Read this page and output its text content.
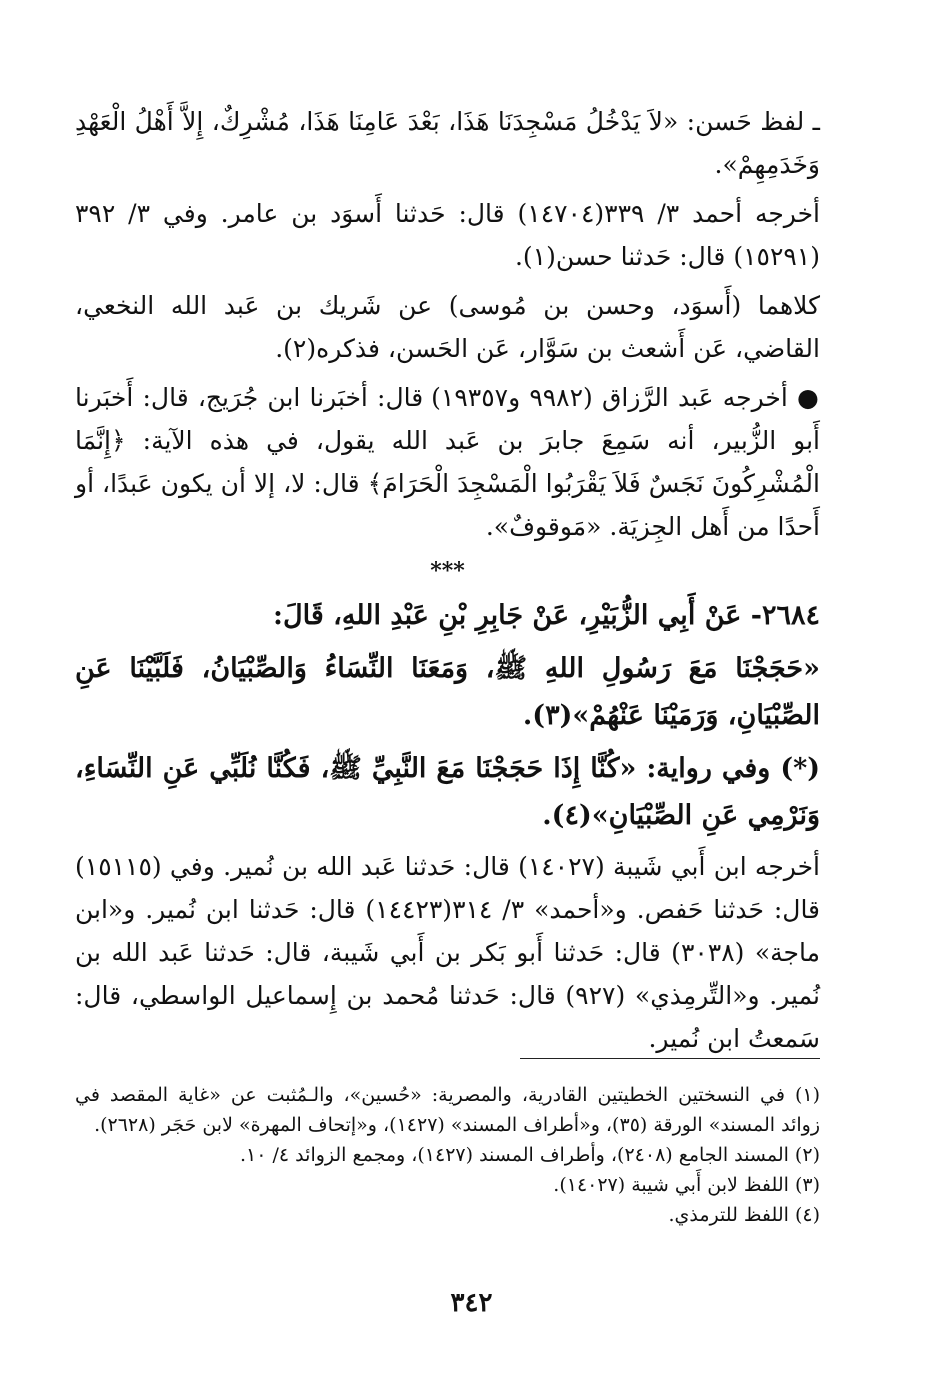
ـ لفظ حَسن: «لاَ يَدْخُلُ مَسْجِدَنَا هَذَا، بَعْدَ عَامِنَا هَذَا، مُشْرِكٌ، إِلاَّ أَهْلُ الْعَهْدِ وَخَدَمِهِمْ».

أخرجه أحمد ٣/ ٣٣٩(١٤٧٠٤) قال: حَدثنا أَسوَد بن عامر. وفي ٣/ ٣٩٢ (١٥٢٩١) قال: حَدثنا حسن(١).

كلاهما (أَسوَد، وحسن بن مُوسى) عن شَريك بن عَبد الله النخعي، القاضي، عَن أَشعث بن سَوَّار، عَن الحَسن، فذكره(٢).

● أخرجه عَبد الرَّزاق (٩٩٨٢ و١٩٣٥٧) قال: أخبَرنا ابن جُرَيج، قال: أَخبَرنا أَبو الزُّبير، أنه سَمِعَ جابرَ بن عَبد الله يقول، في هذه الآية: ﴿إِنَّمَا الْمُشْرِكُونَ نَجَسٌ فَلاَ يَقْرَبُوا الْمَسْجِدَ الْحَرَامَ﴾ قال: لا، إلا أن يكون عَبدًا، أو أَحدًا من أَهل الجِزيَة. «مَوقوفٌ».

***

٢٦٨٤- عَنْ أَبِي الزُّبَيْرِ، عَنْ جَابِرِ بْنِ عَبْدِ اللهِ، قَالَ:

«حَجَجْنَا مَعَ رَسُولِ اللهِ ﷺ، وَمَعَنَا النِّسَاءُ وَالصِّبْيَانُ، فَلَبَّيْنَا عَنِ الصِّبْيَانِ، وَرَمَيْنَا عَنْهُمْ»(٣).

(*) وفي رواية: «كُنَّا إِذَا حَجَجْنَا مَعَ النَّبِيِّ ﷺ، فَكُنَّا نُلَبِّي عَنِ النِّسَاءِ، وَنَرْمِي عَنِ الصِّبْيَانِ»(٤).

أخرجه ابن أَبي شَيبة (١٤٠٢٧) قال: حَدثنا عَبد الله بن نُمير. وفي (١٥١١٥) قال: حَدثنا حَفص. و«أحمد» ٣/ ٣١٤(١٤٤٢٣) قال: حَدثنا ابن نُمير. و«ابن ماجة» (٣٠٣٨) قال: حَدثنا أَبو بَكر بن أَبي شَيبة، قال: حَدثنا عَبد الله بن نُمير. و«التِّرمِذي» (٩٢٧) قال: حَدثنا مُحمد بن إِسماعيل الواسطي، قال: سَمعتُ ابن نُمير.

(١) في النسختين الخطيتين القادرية، والمصرية: «حُسين»، والـمُثبت عن «غاية المقصد في زوائد المسند» الورقة (٣٥)، و«أطراف المسند» (١٤٢٧)، و«إتحاف المهرة» لابن حَجَر (٢٦٢٨).

(٢) المسند الجامع (٢٤٠٨)، وأطراف المسند (١٤٢٧)، ومجمع الزوائد ٤/ ١٠.

(٣) اللفظ لابن أَبي شيبة (١٤٠٢٧).

(٤) اللفظ للترمذي.

٣٤٢
